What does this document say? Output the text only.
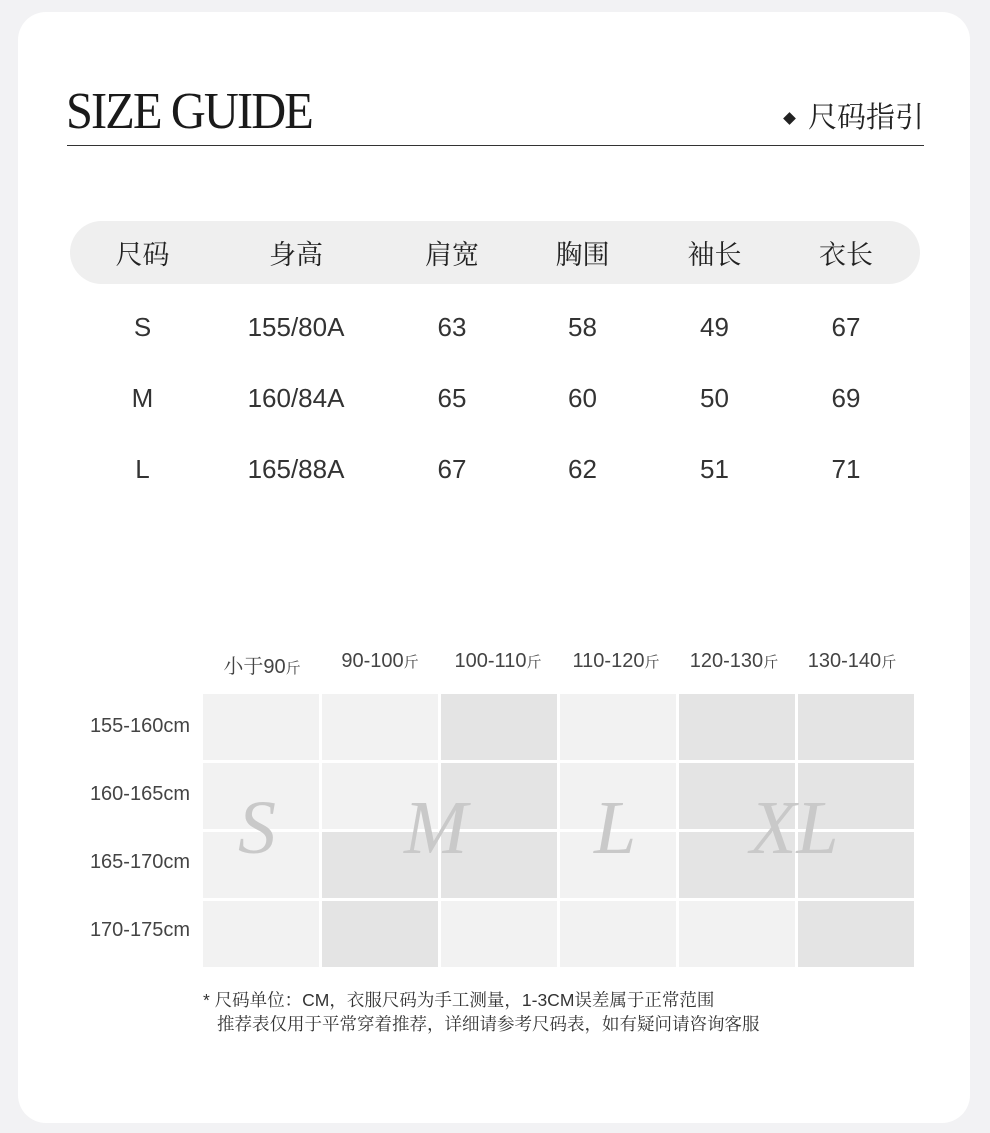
SIZE GUIDE	尺码指引
尺码	身高	肩宽	胸围	袖长	衣长
S	155/80A	63	58	49	67
M	160/84A	65	60	50	69
L	165/88A	67	62	51	71
小于90斤	90-100斤	100-110斤	110-120斤	120-130斤	130-140斤
155-160cm
160-165cm
165-170cm
170-175cm
S M L XL
* 尺码单位：CM，衣服尺码为手工测量，1-3CM误差属于正常范围
推荐表仅用于平常穿着推荐，详细请参考尺码表，如有疑问请咨询客服
